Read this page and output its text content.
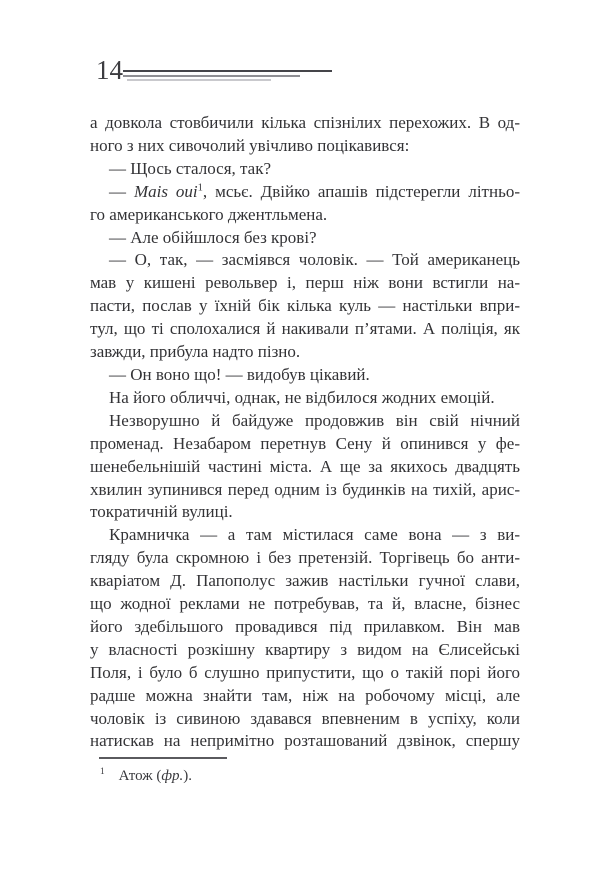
14
а довкола стовбичили кілька спізнілих перехожих. В од-
ного з них сивочолий увічливо поцікавився:
— Щось сталося, так?
— Mais oui$^1$, мсьє. Двійко апашів підстерегли літньо-
го американського джентльмена.
— Але обійшлося без крові?
— О, так, — засміявся чоловік. — Той американець
мав у кишені револьвер і, перш ніж вони встигли на-
пасти, послав у їхній бік кілька куль — настільки впри-
тул, що ті сполохалися й накивали п’ятами. А поліція, як
завжди, прибула надто пізно.
— Он воно що! — видобув цікавий.
На його обличчі, однак, не відбилося жодних емоцій.
Незворушно й байдуже продовжив він свій нічний
променад. Незабаром перетнув Сену й опинився у фе-
шенебельнішій частині міста. А ще за якихось двадцять
хвилин зупинився перед одним із будинків на тихій, арис-
тократичній вулиці.
Крамничка — а там містилася саме вона — з ви-
гляду була скромною і без претензій. Торгівець бо анти-
кваріатом Д. Папополус зажив настільки гучної слави,
що жодної реклами не потребував, та й, власне, бізнес
його здебільшого провадився під прилавком. Він мав
у власності розкішну квартиру з видом на Єлисейські
Поля, і було б слушно припустити, що о такій порі його
радше можна знайти там, ніж на робочому місці, але
чоловік із сивиною здавався впевненим в успіху, коли
натискав на непримітно розташований дзвінок, спершу
$^1$ Атож (фр.).
